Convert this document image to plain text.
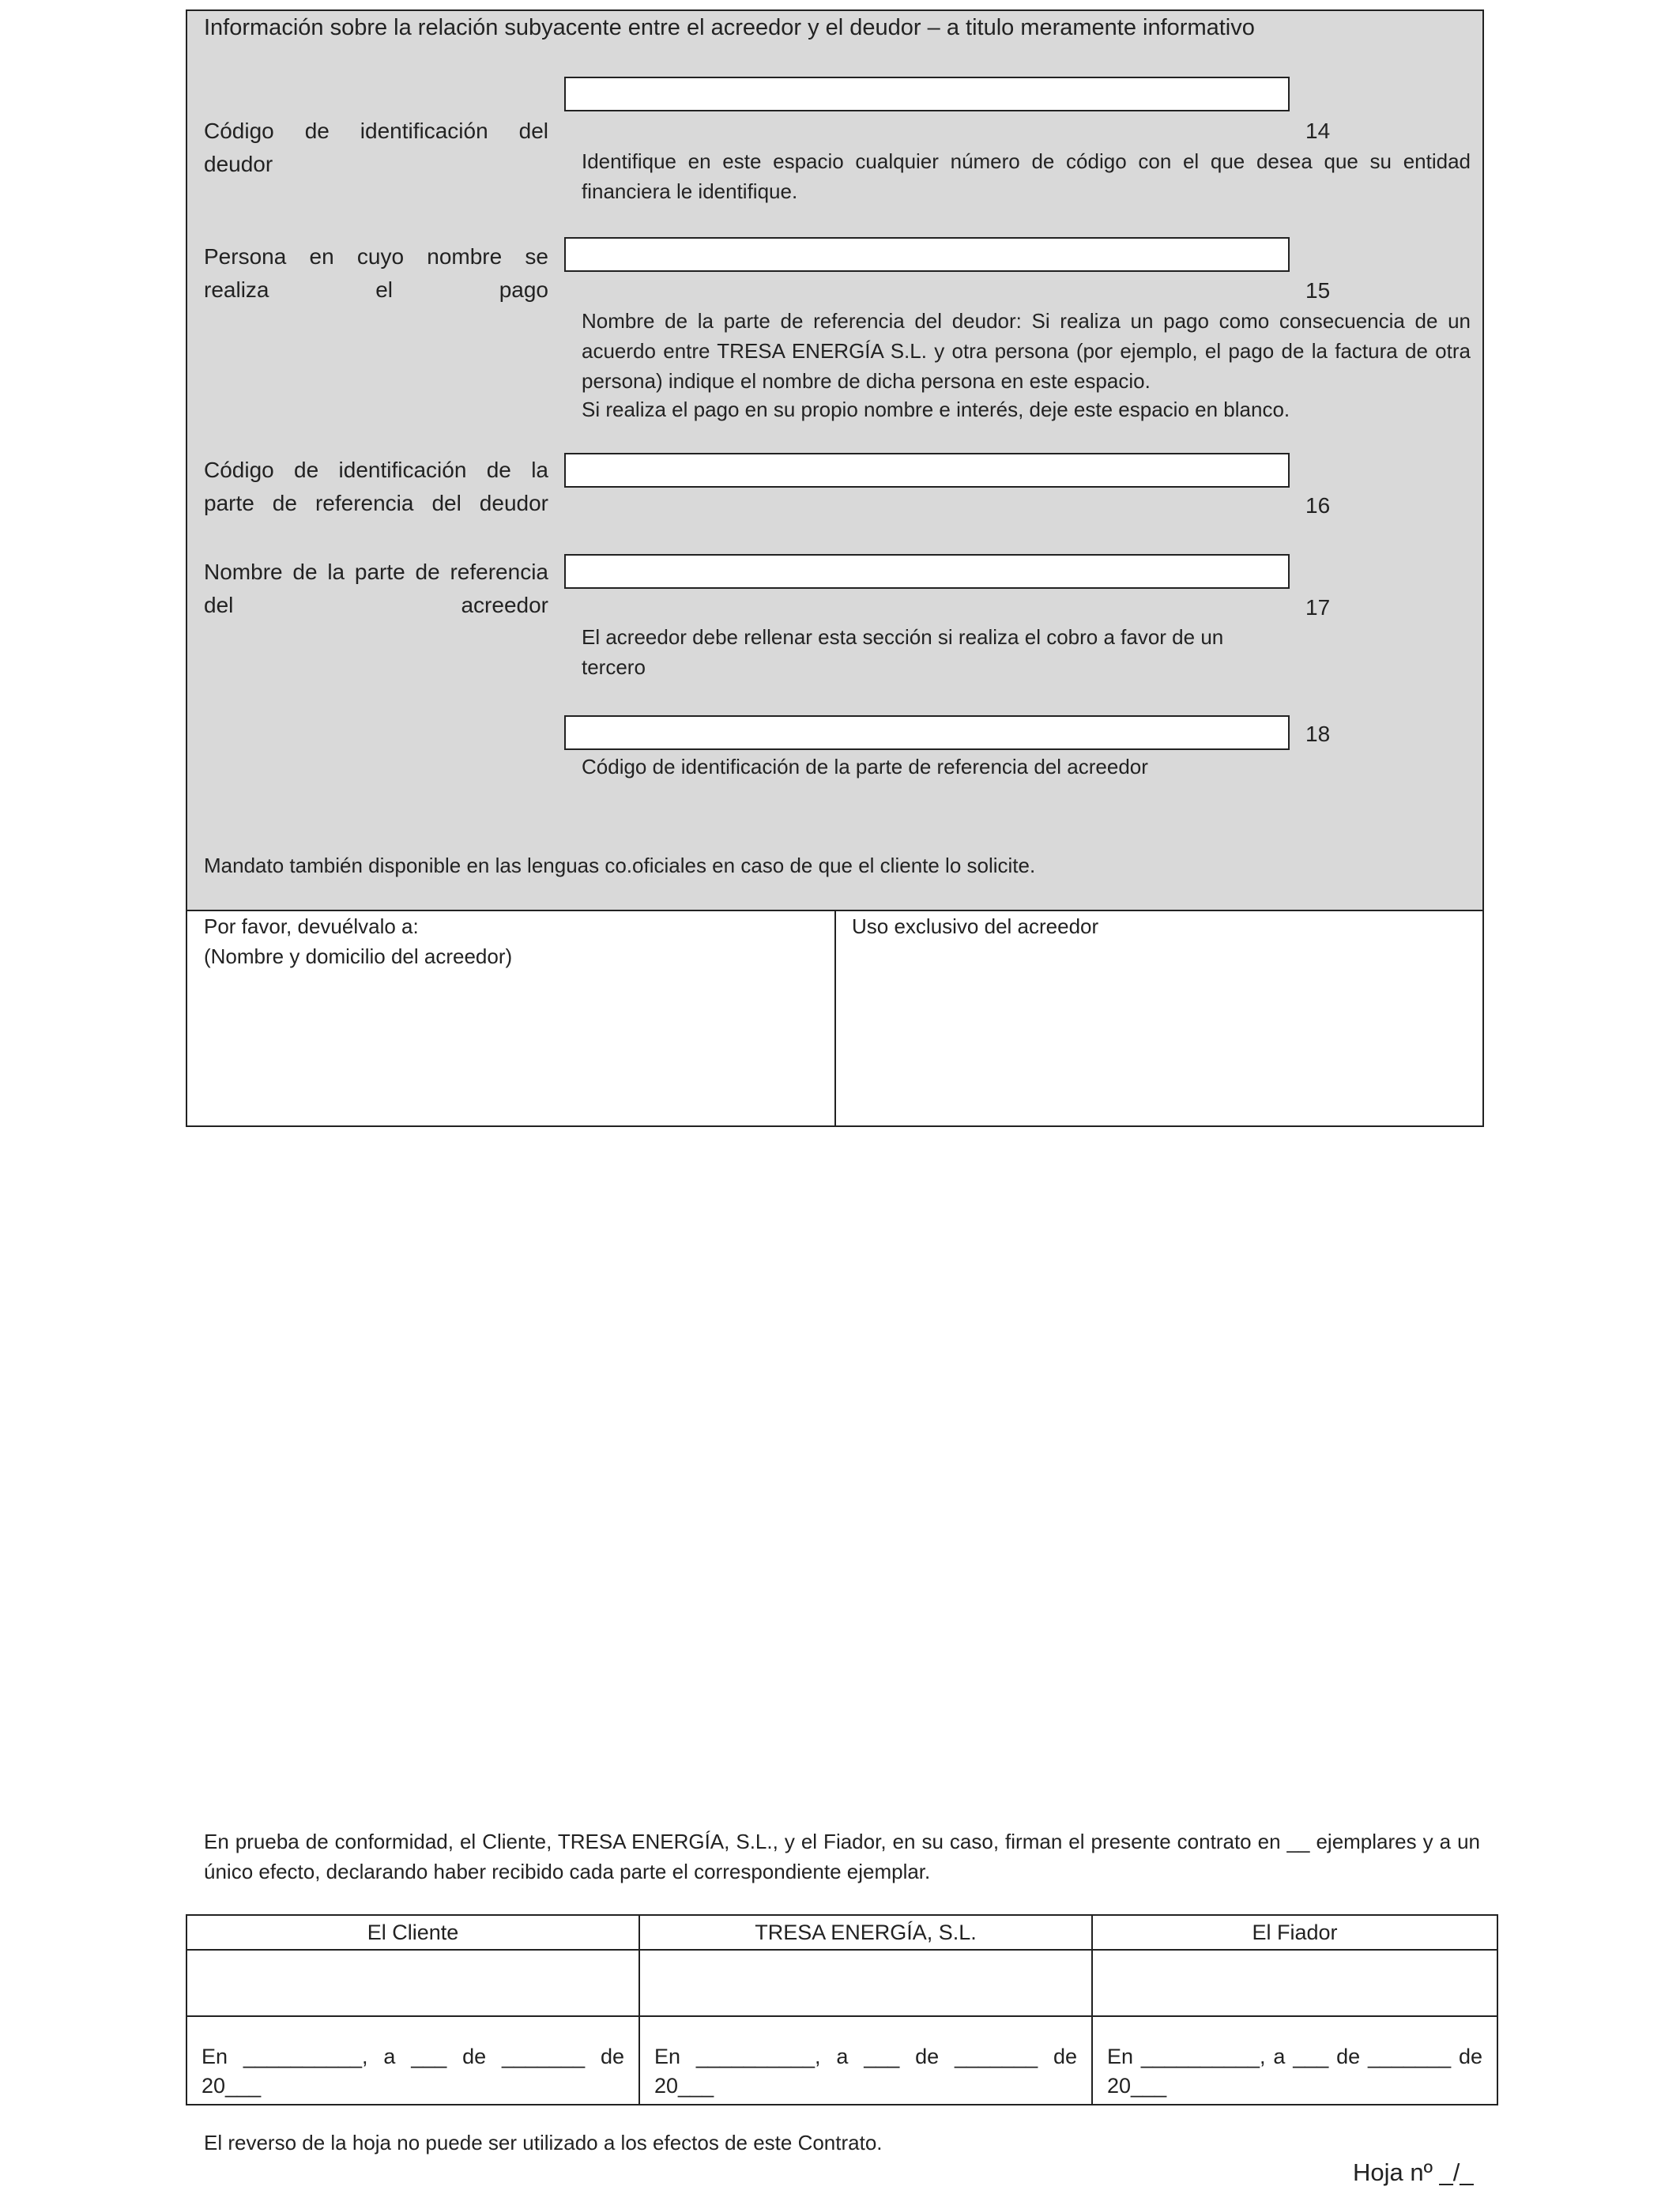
Información sobre la relación subyacente entre el acreedor y el deudor – a titulo meramente informativo
Código de identificación del deudor
14
Identifique en este espacio cualquier número de código con el que desea que su entidad financiera le identifique.
Persona en cuyo nombre se realiza el pago	15
Nombre de la parte de referencia del deudor: Si realiza un pago como consecuencia de un acuerdo entre TRESA ENERGÍA S.L. y otra persona (por ejemplo, el pago de la factura de otra persona) indique el nombre de dicha persona en este espacio.
Si realiza el pago en su propio nombre e interés, deje este espacio en blanco.
Código de identificación de la parte de referencia del deudor	16
Nombre de la parte de referencia del acreedor	17
El acreedor debe rellenar esta sección si realiza el cobro a favor de un tercero
18
Código de identificación de la parte de referencia del acreedor
Mandato también disponible en las lenguas co.oficiales en caso de que el cliente lo solicite.
Por favor, devuélvalo a:
(Nombre y domicilio del acreedor)
Uso exclusivo del acreedor
En prueba de conformidad, el Cliente, TRESA ENERGÍA, S.L., y el Fiador, en su caso, firman el presente contrato en __ ejemplares y a un único efecto, declarando haber recibido cada parte el correspondiente ejemplar.
El Cliente	TRESA ENERGÍA, S.L.	El Fiador

En __________, a ___ de _______ de 20___	En __________, a ___ de _______ de 20___	En __________, a ___ de _______ de 20___
El reverso de la hoja no puede ser utilizado a los efectos de este Contrato.
Hoja nº _/_
